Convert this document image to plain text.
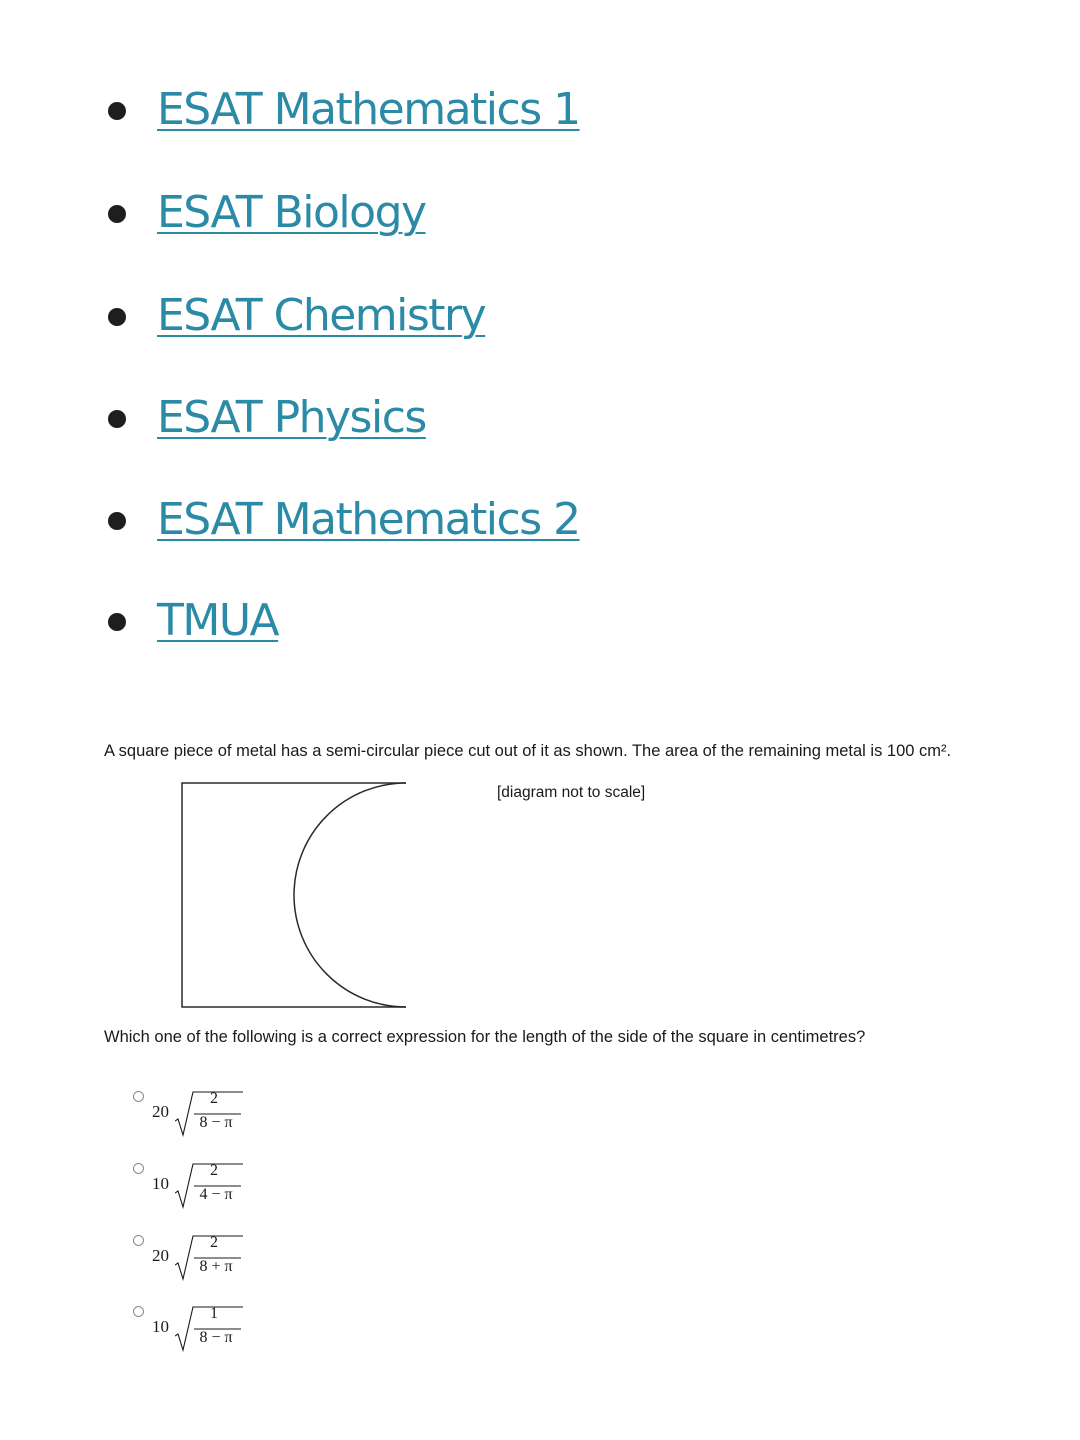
ESAT Mathematics 1
ESAT Biology
ESAT Chemistry
ESAT Physics
ESAT Mathematics 2
TMUA
A square piece of metal has a semi-circular piece cut out of it as shown. The area of the remaining metal is 100 cm².
[diagram not to scale]
Which one of the following is a correct expression for the length of the side of the square in centimetres?
20
2
8 − π
10
2
4 − π
20
2
8 + π
10
1
8 − π
